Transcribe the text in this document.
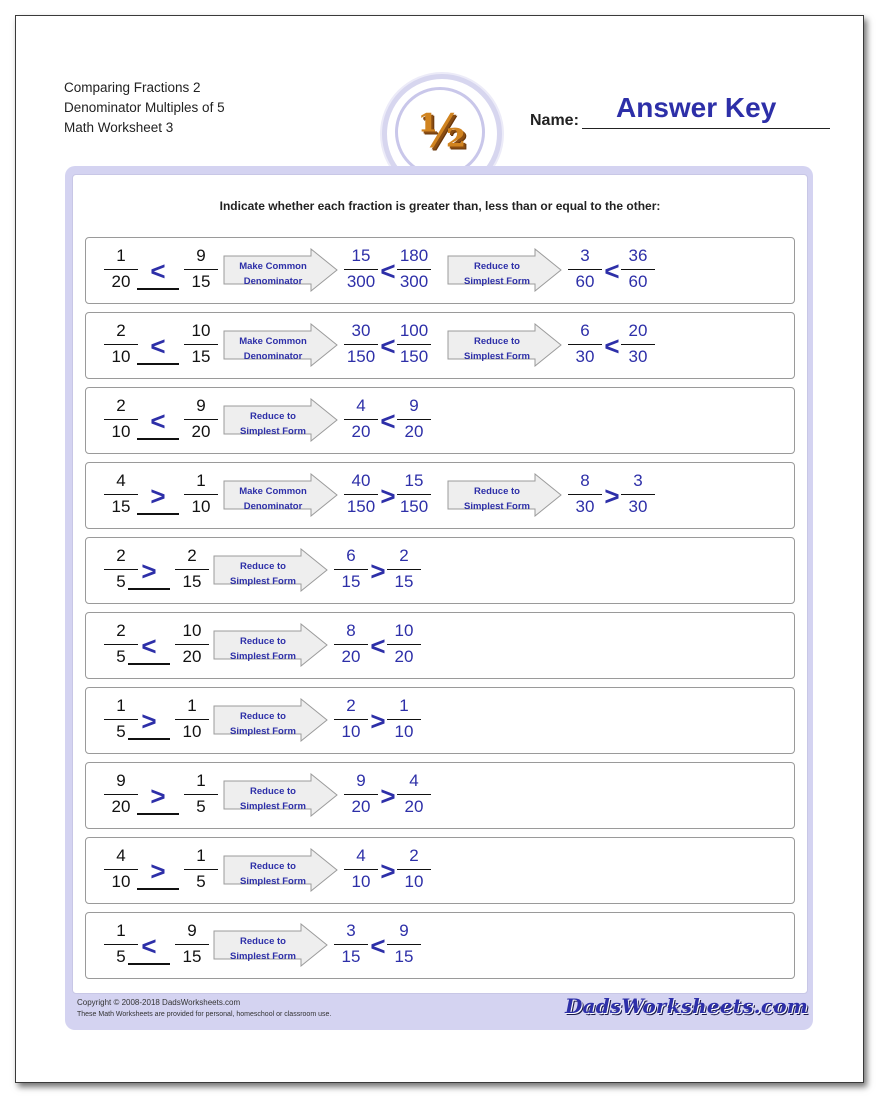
Comparing Fractions 2
Denominator Multiples of 5
Math Worksheet 3	½	Name: Answer Key
Indicate whether each fraction is greater than, less than or equal to the other:
1
20 <
9
15
Make Common
Denominator
15
300 <
180
300
Reduce to
Simplest Form
3
60 <
36
60
2
10 <
10
15
Make Common
Denominator
30
150 <
100
150
Reduce to
Simplest Form
6
30 <
20
30
2
10 <
9
20
Reduce to
Simplest Form
4
20 <
9
20
4
15 >
1
10
Make Common
Denominator
40
150 >
15
150
Reduce to
Simplest Form
8
30 >
3
30
2
5 >
2
15
Reduce to
Simplest Form
6
15 >
2
15
2
5 <
10
20
Reduce to
Simplest Form
8
20 <
10
20
1
5 >
1
10
Reduce to
Simplest Form
2
10 >
1
10
9
20 >
1
5
Reduce to
Simplest Form
9
20 >
4
20
4
10 >
1
5
Reduce to
Simplest Form
4
10 >
2
10
1
5 <
9
15
Reduce to
Simplest Form
3
15 <
9
15
Copyright © 2008-2018 DadsWorksheets.com
These Math Worksheets are provided for personal, homeschool or classroom use.	DadsWorksheets.com
